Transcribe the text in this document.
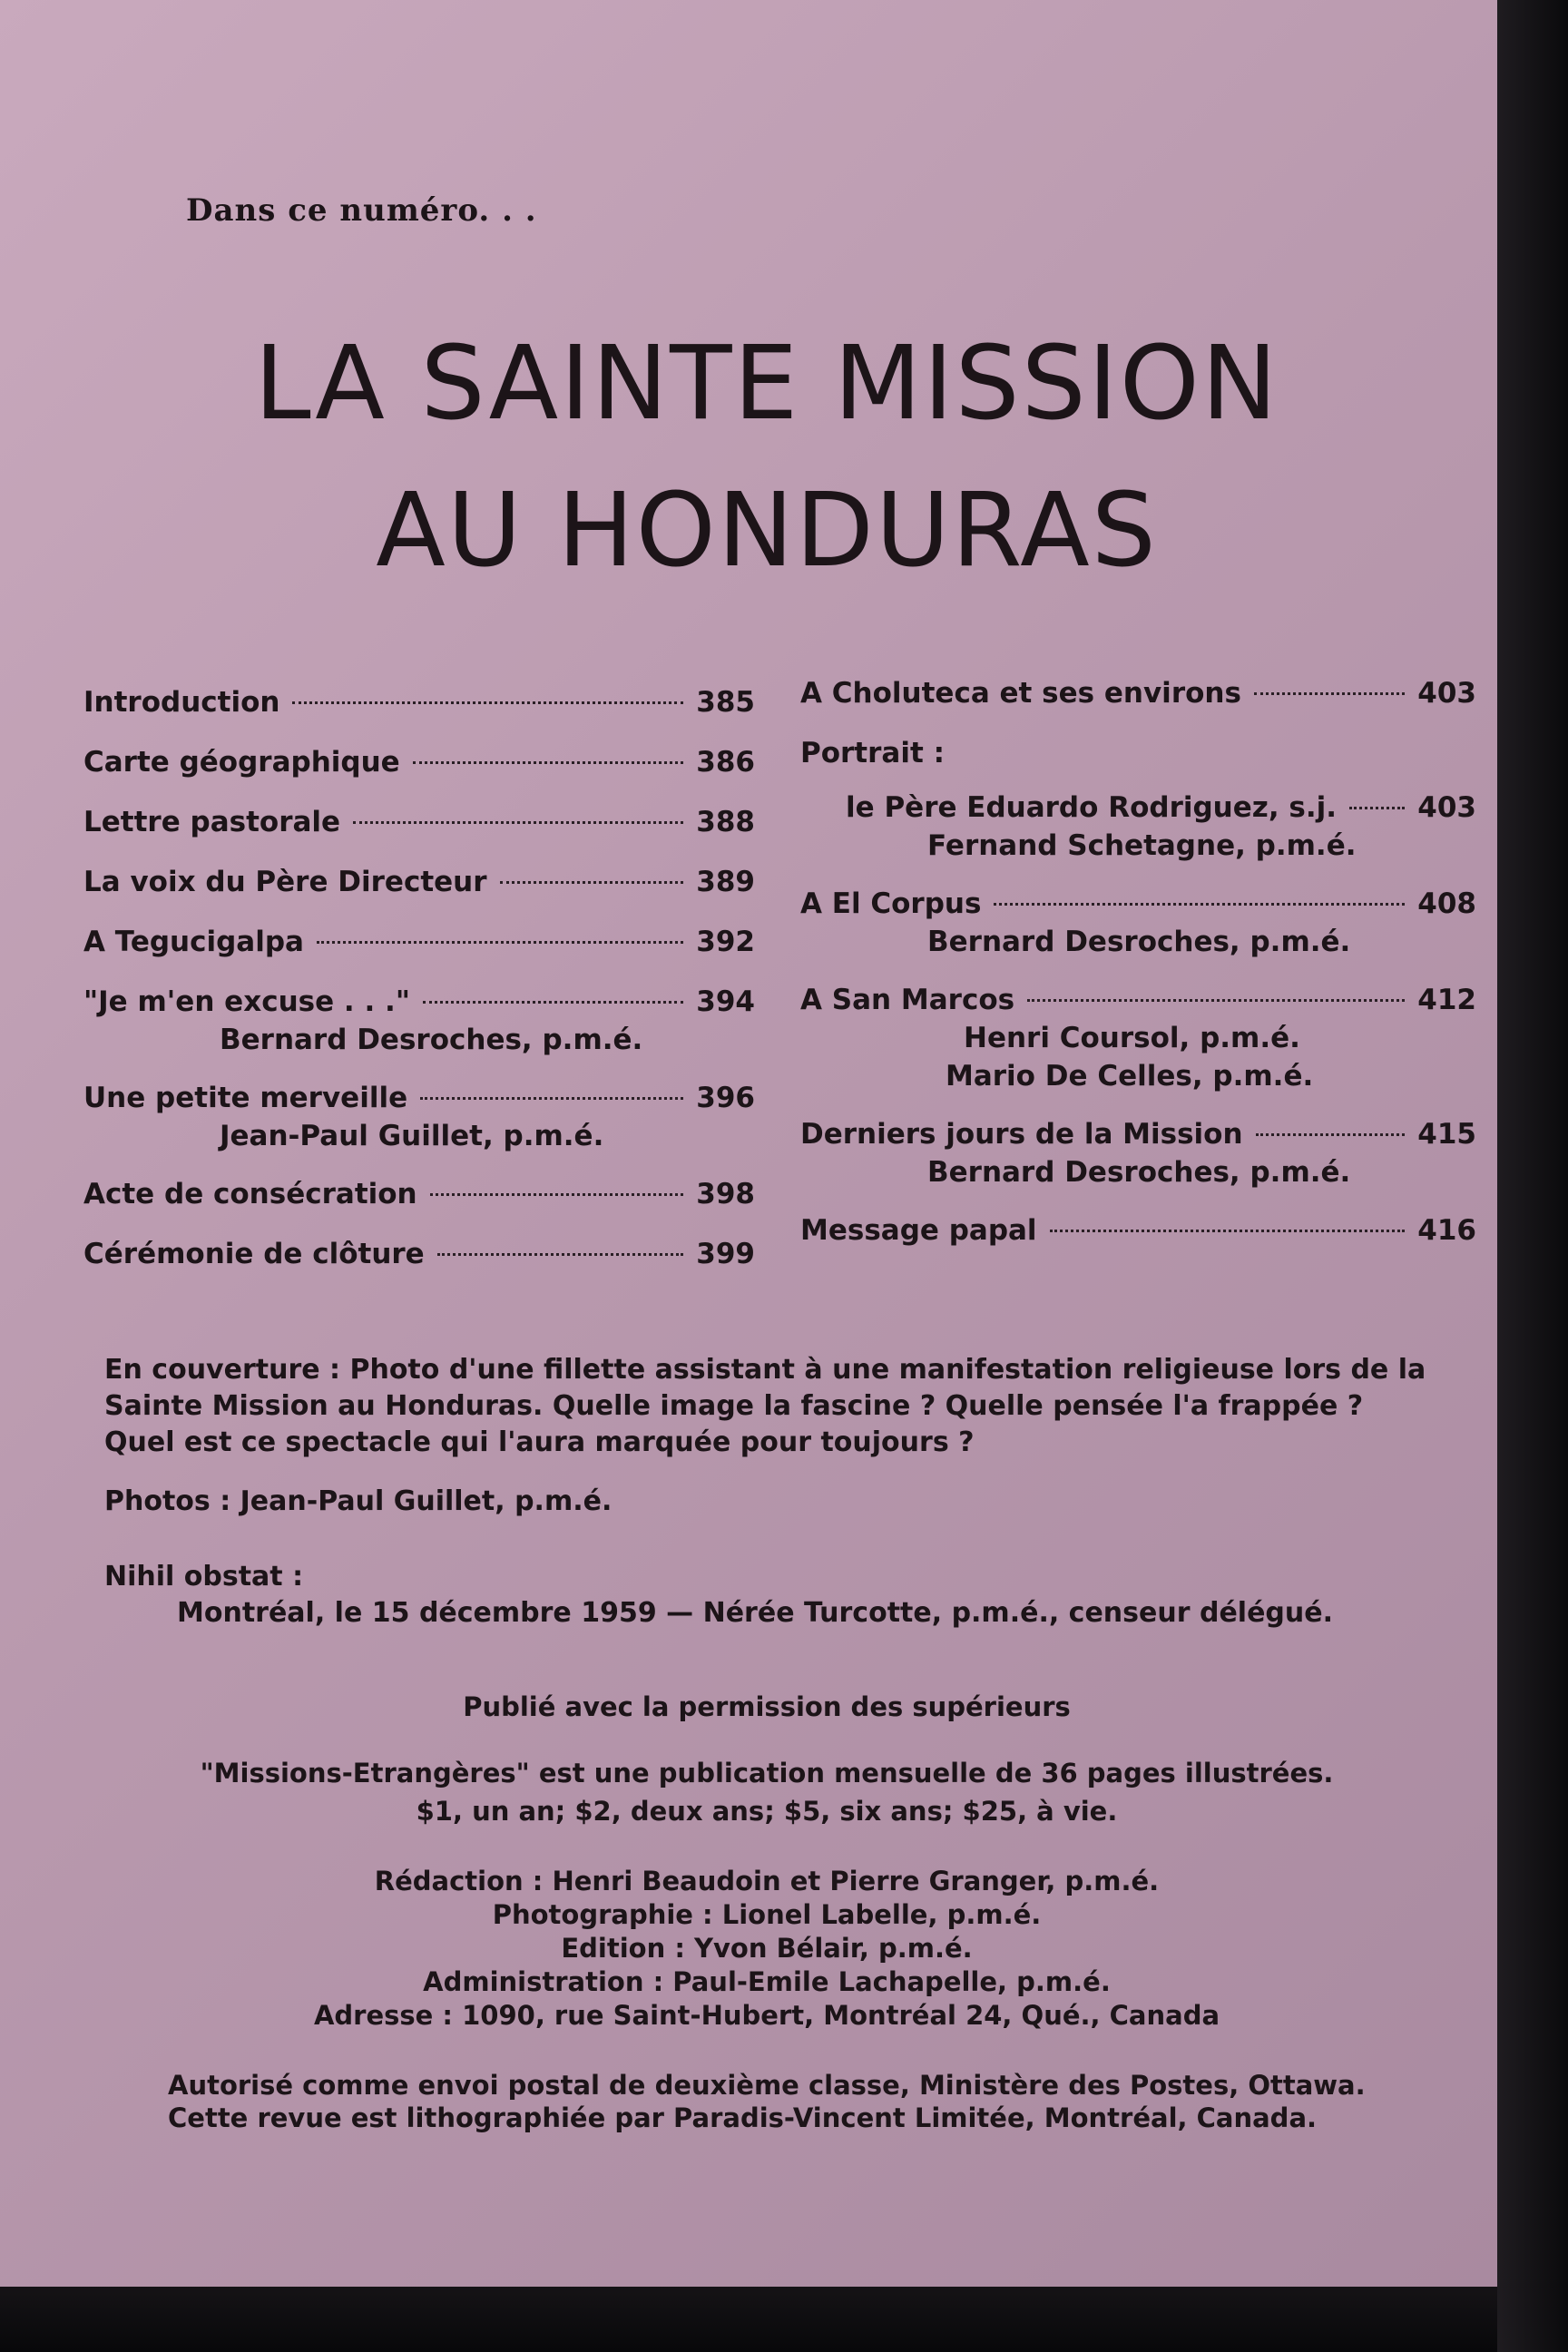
Dans ce numéro. . .
LA SAINTE MISSION
AU HONDURAS
Introduction	385
Carte géographique	386
Lettre pastorale	388
La voix du Père Directeur	389
A Tegucigalpa	392
"Je m'en excuse . . ."	394
Bernard Desroches, p.m.é.
Une petite merveille	396
Jean-Paul Guillet, p.m.é.
Acte de consécration	398
Cérémonie de clôture	399
A Choluteca et ses environs	403
Portrait :
le Père Eduardo Rodriguez, s.j.	403
Fernand Schetagne, p.m.é.
A El Corpus	408
Bernard Desroches, p.m.é.
A San Marcos	412
Henri Coursol, p.m.é.
Mario De Celles, p.m.é.
Derniers jours de la Mission	415
Bernard Desroches, p.m.é.
Message papal	416
En couverture : Photo d'une fillette assistant à une manifestation religieuse lors de la
Sainte Mission au Honduras. Quelle image la fascine ? Quelle pensée l'a frappée ?
Quel est ce spectacle qui l'aura marquée pour toujours ?
Photos : Jean-Paul Guillet, p.m.é.
Nihil obstat :
Montréal, le 15 décembre 1959 — Nérée Turcotte, p.m.é., censeur délégué.
Publié avec la permission des supérieurs
"Missions-Etrangères" est une publication mensuelle de 36 pages illustrées.
$1, un an; $2, deux ans; $5, six ans; $25, à vie.
Rédaction : Henri Beaudoin et Pierre Granger, p.m.é.
Photographie : Lionel Labelle, p.m.é.
Edition : Yvon Bélair, p.m.é.
Administration : Paul-Emile Lachapelle, p.m.é.
Adresse : 1090, rue Saint-Hubert, Montréal 24, Qué., Canada
Autorisé comme envoi postal de deuxième classe, Ministère des Postes, Ottawa.
Cette revue est lithographiée par Paradis-Vincent Limitée, Montréal, Canada.
